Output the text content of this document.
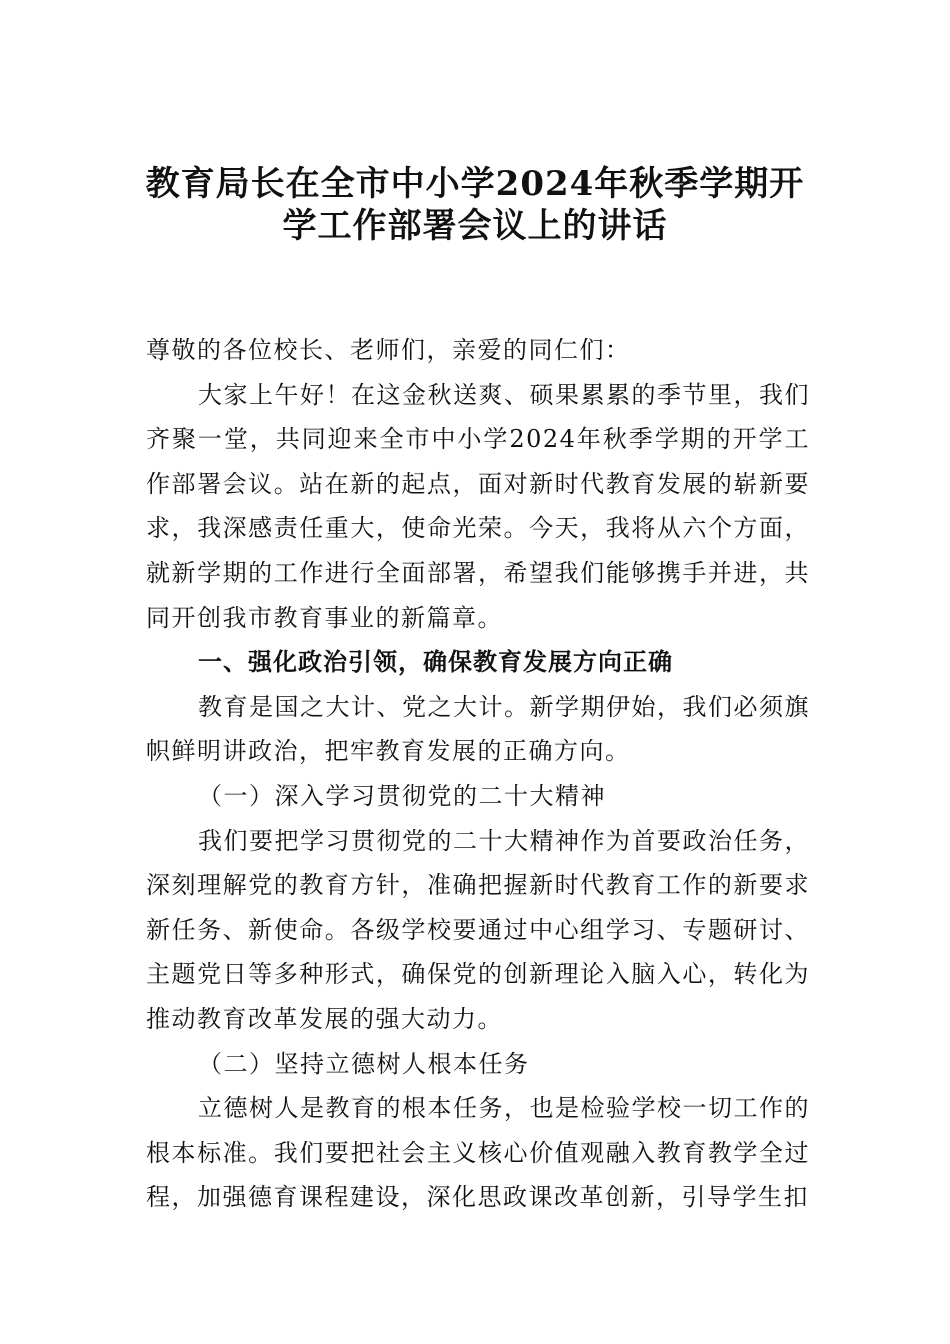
教育局长在全市中小学2024年秋季学期开
学工作部署会议上的讲话

尊敬的各位校长、老师们，亲爱的同仁们：

大家上午好！在这金秋送爽、硕果累累的季节里，我们齐聚一堂，共同迎来全市中小学2024年秋季学期的开学工作部署会议。站在新的起点，面对新时代教育发展的崭新要求，我深感责任重大，使命光荣。今天，我将从六个方面，就新学期的工作进行全面部署，希望我们能够携手并进，共同开创我市教育事业的新篇章。

一、强化政治引领，确保教育发展方向正确

教育是国之大计、党之大计。新学期伊始，我们必须旗帜鲜明讲政治，把牢教育发展的正确方向。

（一）深入学习贯彻党的二十大精神

我们要把学习贯彻党的二十大精神作为首要政治任务，深刻理解党的教育方针，准确把握新时代教育工作的新要求新任务、新使命。各级学校要通过中心组学习、专题研讨、主题党日等多种形式，确保党的创新理论入脑入心，转化为推动教育改革发展的强大动力。

（二）坚持立德树人根本任务

立德树人是教育的根本任务，也是检验学校一切工作的根本标准。我们要把社会主义核心价值观融入教育教学全过程，加强德育课程建设，深化思政课改革创新，引导学生扣
